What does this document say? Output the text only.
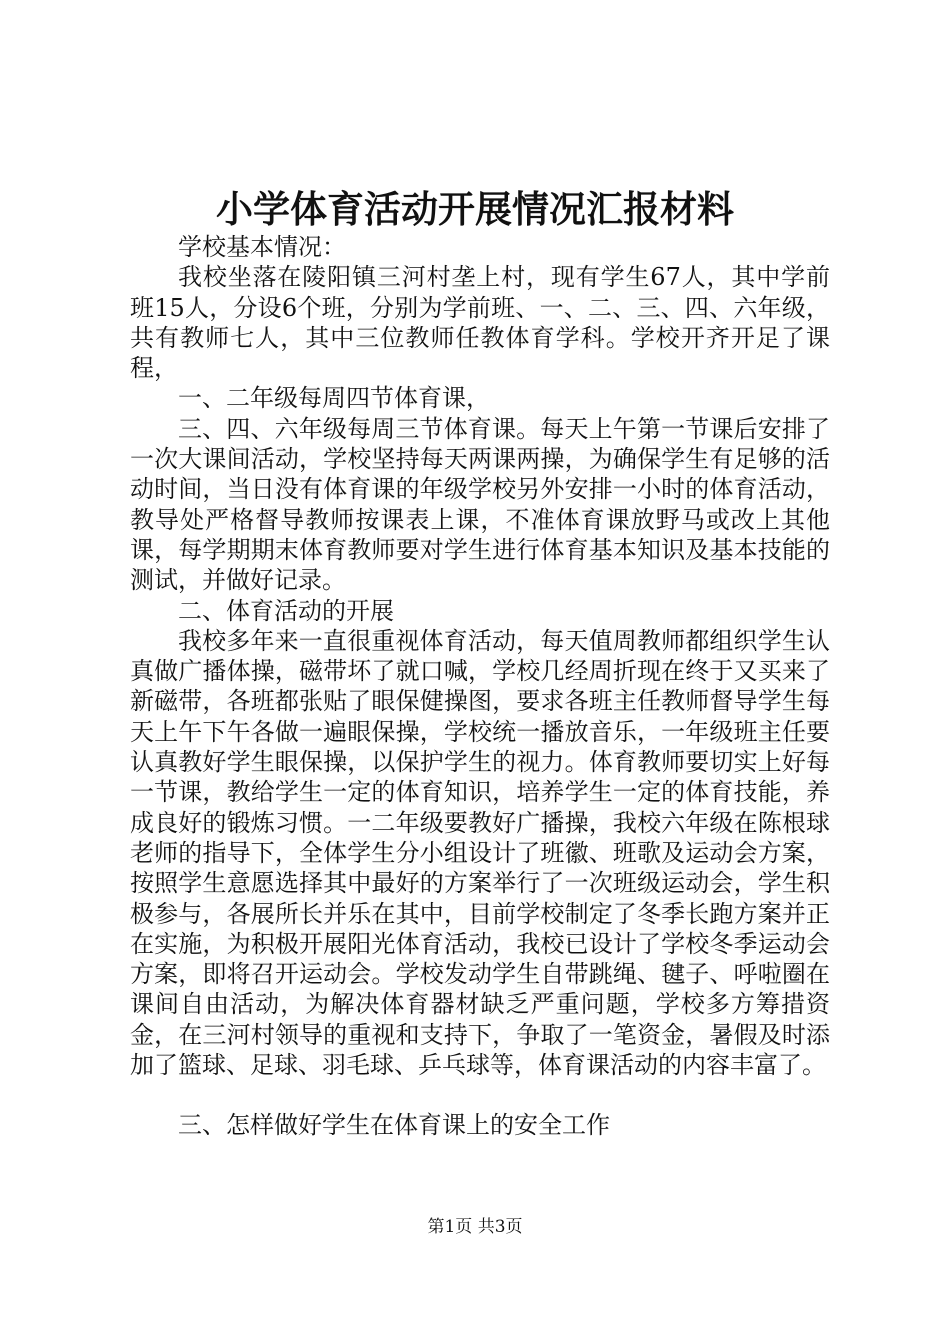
小学体育活动开展情况汇报材料

学校基本情况：

我校坐落在陵阳镇三河村垄上村，现有学生67人，其中学前班15人，分设6个班，分别为学前班、一、二、三、四、六年级，共有教师七人，其中三位教师任教体育学科。学校开齐开足了课程，

一、二年级每周四节体育课，

三、四、六年级每周三节体育课。每天上午第一节课后安排了一次大课间活动，学校坚持每天两课两操，为确保学生有足够的活动时间，当日没有体育课的年级学校另外安排一小时的体育活动，教导处严格督导教师按课表上课，不准体育课放野马或改上其他课，每学期期末体育教师要对学生进行体育基本知识及基本技能的测试，并做好记录。

二、体育活动的开展

我校多年来一直很重视体育活动，每天值周教师都组织学生认真做广播体操，磁带坏了就口喊，学校几经周折现在终于又买来了新磁带，各班都张贴了眼保健操图，要求各班主任教师督导学生每天上午下午各做一遍眼保操，学校统一播放音乐，一年级班主任要认真教好学生眼保操，以保护学生的视力。体育教师要切实上好每一节课，教给学生一定的体育知识，培养学生一定的体育技能，养成良好的锻炼习惯。一二年级要教好广播操，我校六年级在陈根球老师的指导下，全体学生分小组设计了班徽、班歌及运动会方案，按照学生意愿选择其中最好的方案举行了一次班级运动会，学生积极参与，各展所长并乐在其中，目前学校制定了冬季长跑方案并正在实施，为积极开展阳光体育活动，我校已设计了学校冬季运动会方案，即将召开运动会。学校发动学生自带跳绳、毽子、呼啦圈在课间自由活动，为解决体育器材缺乏严重问题，学校多方筹措资金，在三河村领导的重视和支持下，争取了一笔资金，暑假及时添加了篮球、足球、羽毛球、乒乓球等，体育课活动的内容丰富了。

三、怎样做好学生在体育课上的安全工作

第1页 共3页
